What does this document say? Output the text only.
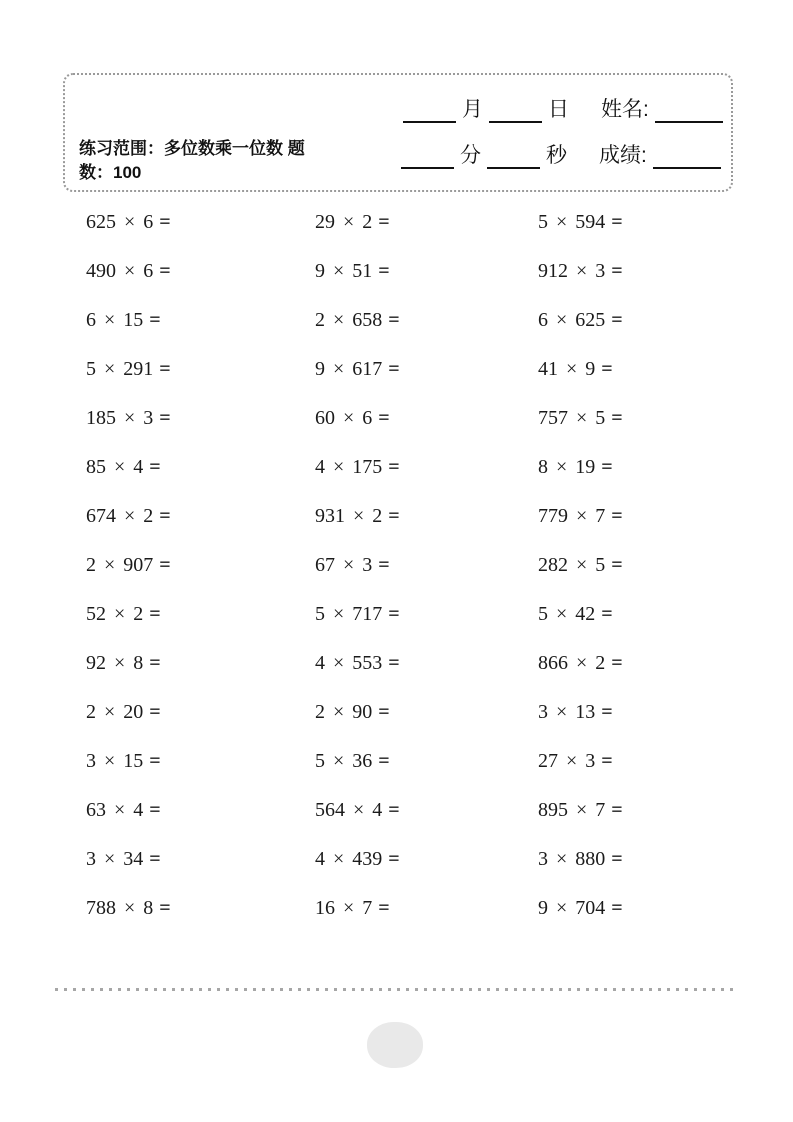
练习范围：多位数乘一位数 题数：100
月	日 姓名:
分	秒 成绩:
625 × 6 =	29 × 2 =	5 × 594 =
490 × 6 =	9 × 51 =	912 × 3 =
6 × 15 =	2 × 658 =	6 × 625 =
5 × 291 =	9 × 617 =	41 × 9 =
185 × 3 =	60 × 6 =	757 × 5 =
85 × 4 =	4 × 175 =	8 × 19 =
674 × 2 =	931 × 2 =	779 × 7 =
2 × 907 =	67 × 3 =	282 × 5 =
52 × 2 =	5 × 717 =	5 × 42 =
92 × 8 =	4 × 553 =	866 × 2 =
2 × 20 =	2 × 90 =	3 × 13 =
3 × 15 =	5 × 36 =	27 × 3 =
63 × 4 =	564 × 4 =	895 × 7 =
3 × 34 =	4 × 439 =	3 × 880 =
788 × 8 =	16 × 7 =	9 × 704 =
